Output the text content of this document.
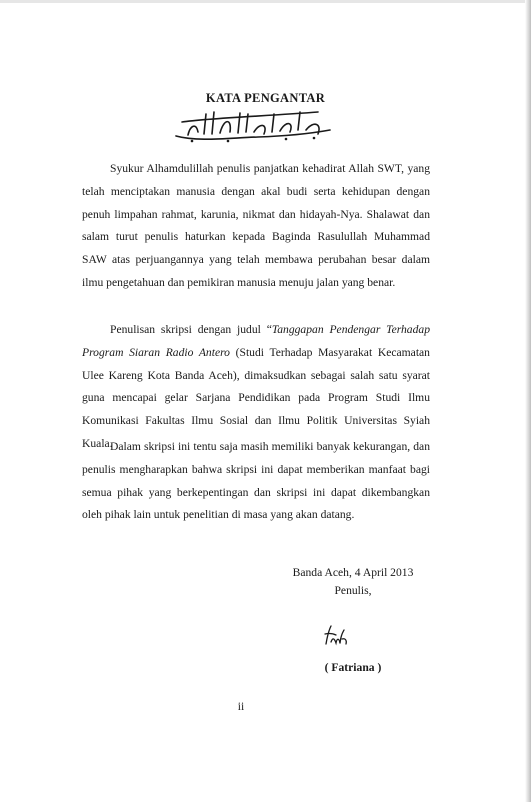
KATA PENGANTAR

Syukur Alhamdulillah penulis panjatkan kehadirat Allah SWT, yang telah menciptakan manusia dengan akal budi serta kehidupan dengan penuh limpahan rahmat, karunia, nikmat dan hidayah-Nya. Shalawat dan salam turut penulis haturkan kepada Baginda Rasulullah Muhammad SAW atas perjuangannya yang telah membawa perubahan besar dalam ilmu pengetahuan dan pemikiran manusia menuju jalan yang benar.

Penulisan skripsi dengan judul “Tanggapan Pendengar Terhadap Program Siaran Radio Antero (Studi Terhadap Masyarakat Kecamatan Ulee Kareng Kota Banda Aceh), dimaksudkan sebagai salah satu syarat guna mencapai gelar Sarjana Pendidikan pada Program Studi Ilmu Komunikasi Fakultas Ilmu Sosial dan Ilmu Politik Universitas Syiah Kuala.

Dalam skripsi ini tentu saja masih memiliki banyak kekurangan, dan penulis mengharapkan bahwa skripsi ini dapat memberikan manfaat bagi semua pihak yang berkepentingan dan skripsi ini dapat dikembangkan oleh pihak lain untuk penelitian di masa yang akan datang.

Banda Aceh, 4 April 2013
Penulis,
( Fatriana )
ii
